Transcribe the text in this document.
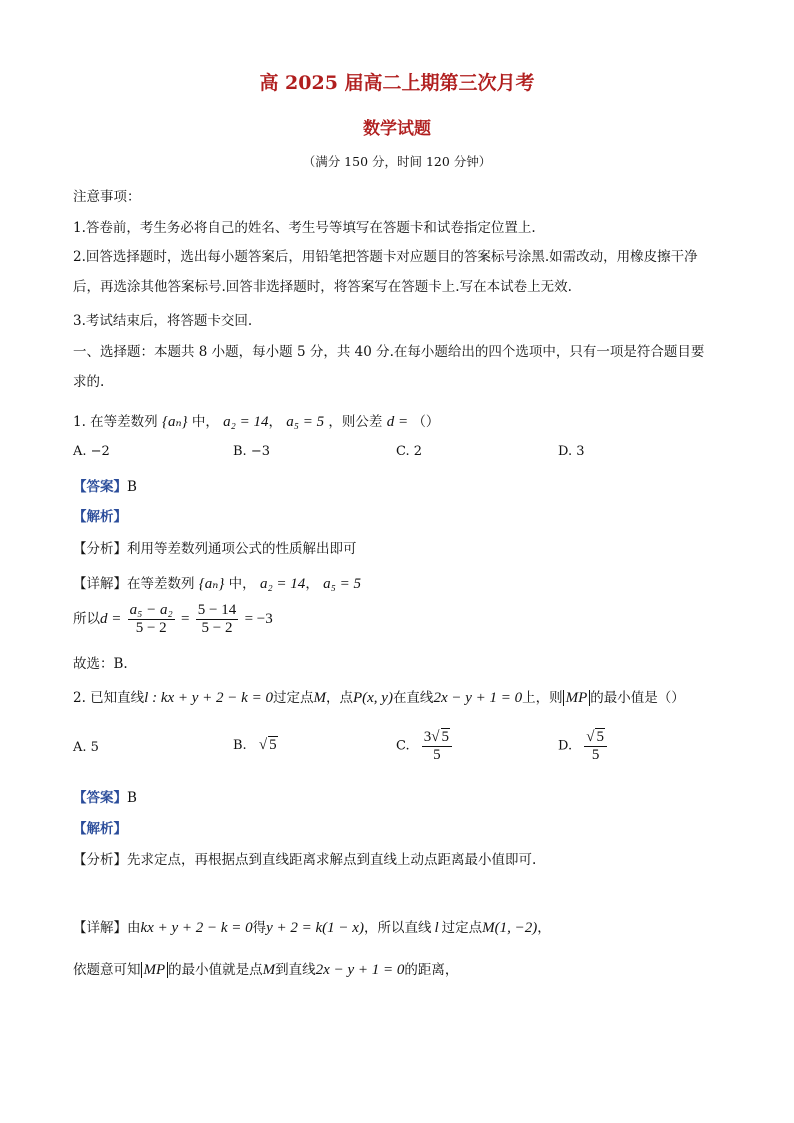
高 2025 届高二上期第三次月考
数学试题
（满分 150 分，时间 120 分钟）
注意事项：
1.答卷前，考生务必将自己的姓名、考生号等填写在答题卡和试卷指定位置上.
2.回答选择题时，选出每小题答案后，用铅笔把答题卡对应题目的答案标号涂黑.如需改动，用橡皮擦干净
后，再选涂其他答案标号.回答非选择题时，将答案写在答题卡上.写在本试卷上无效.
3.考试结束后，将答题卡交回.
一、选择题：本题共 8 小题，每小题 5 分，共 40 分.在每小题给出的四个选项中，只有一项是符合题目要
求的.
1. 在等差数列 {aₙ} 中， a₂ = 14， a₅ = 5 ，则公差 d = （）
A. −2	B. −3	C. 2	D. 3
【答案】B
【解析】
【分析】利用等差数列通项公式的性质解出即可
【详解】在等差数列 {aₙ} 中， a₂ = 14， a₅ = 5
所以$d = \frac{\text{a₅ − a₂}}{5 - 2} = \frac{5 - 14}{5 - 2} = -3$
故选：B.
2. 已知直线l : kx + y + 2 − k = 0过定点M，点P(x, y)在直线2x − y + 1 = 0上，则 MP 的最小值是（）
A. 5	B. √ 5	C. $\frac{3√ 5}{5}$	D. $\frac{√ 5}{5}$
【答案】B
【解析】
【分析】先求定点，再根据点到直线距离求解点到直线上动点距离最小值即可.
【详解】由kx + y + 2 − k = 0得y + 2 = k(1 − x)，所以直线 l 过定点M(1, −2)，
依题意可知 MP 的最小值就是点M到直线2x − y + 1 = 0的距离，
